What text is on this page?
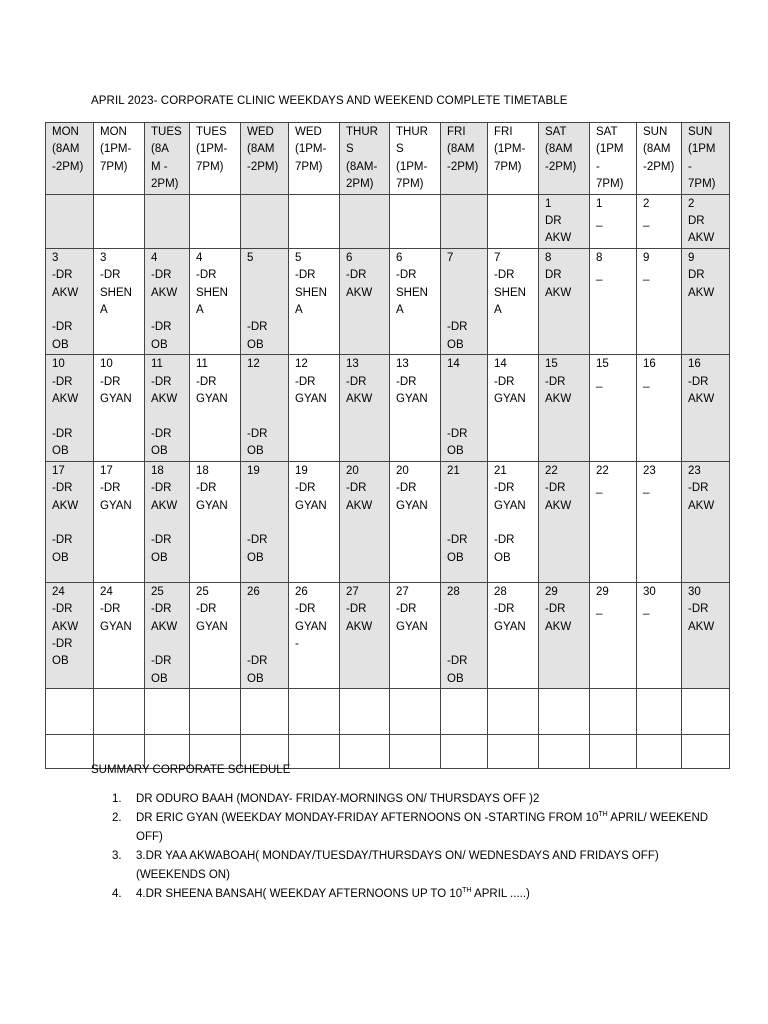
APRIL 2023- CORPORATE CLINIC WEEKDAYS AND WEEKEND COMPLETE TIMETABLE
MON
(8AM
-2PM)	MON
(1PM-
7PM)	TUES
(8A
M -
2PM)	TUES
(1PM-
7PM)	WED
(8AM
-2PM)	WED
(1PM-
7PM)	THUR
S
(8AM-
2PM)	THUR
S
(1PM-
7PM)	FRI
(8AM
-2PM)	FRI
(1PM-
7PM)	SAT
(8AM
-2PM)	SAT
(1PM
-
7PM)	SUN
(8AM
-2PM)	SUN
(1PM
-
7PM)
										1
DR
AKW	1
_	2
_	2
DR
AKW
3
-DR
AKW

-DR
OB	3
-DR
SHEN
A	4
-DR
AKW

-DR
OB	4
-DR
SHEN
A	5

-DR
OB	5
-DR
SHEN
A	6
-DR
AKW	6
-DR
SHEN
A	7

-DR
OB	7
-DR
SHEN
A	8
DR
AKW	8
_	9
_	9
DR
AKW
10
-DR
AKW

-DR
OB	10
-DR
GYAN	11
-DR
AKW

-DR
OB	11
-DR
GYAN	12

-DR
OB	12
-DR
GYAN	13
-DR
AKW	13
-DR
GYAN	14

-DR
OB	14
-DR
GYAN	15
-DR
AKW	15
_	16
_	16
-DR
AKW
17
-DR
AKW

-DR
OB	17
-DR
GYAN	18
-DR
AKW

-DR
OB	18
-DR
GYAN	19

-DR
OB	19
-DR
GYAN	20
-DR
AKW	20
-DR
GYAN	21

-DR
OB	21
-DR
GYAN

-DR
OB	22
-DR
AKW	22
_	23
_	23
-DR
AKW
24
-DR
AKW
-DR
OB	24
-DR
GYAN	25
-DR
AKW

-DR
OB	25
-DR
GYAN	26

-DR
OB	26
-DR
GYAN
-	27
-DR
AKW	27
-DR
GYAN	28

-DR
OB	28
-DR
GYAN	29
-DR
AKW	29
_	30
_	30
-DR
AKW

SUMMARY CORPORATE SCHEDULE
1.	DR ODURO BAAH (MONDAY- FRIDAY-MORNINGS ON/ THURSDAYS OFF )2
2.	DR ERIC GYAN (WEEKDAY MONDAY-FRIDAY AFTERNOONS ON -STARTING FROM 10TH APRIL/ WEEKEND OFF)
3.	3.DR YAA AKWABOAH( MONDAY/TUESDAY/THURSDAYS ON/ WEDNESDAYS AND FRIDAYS OFF) (WEEKENDS ON)
4.	4.DR SHEENA BANSAH( WEEKDAY AFTERNOONS UP TO 10TH APRIL .....)
